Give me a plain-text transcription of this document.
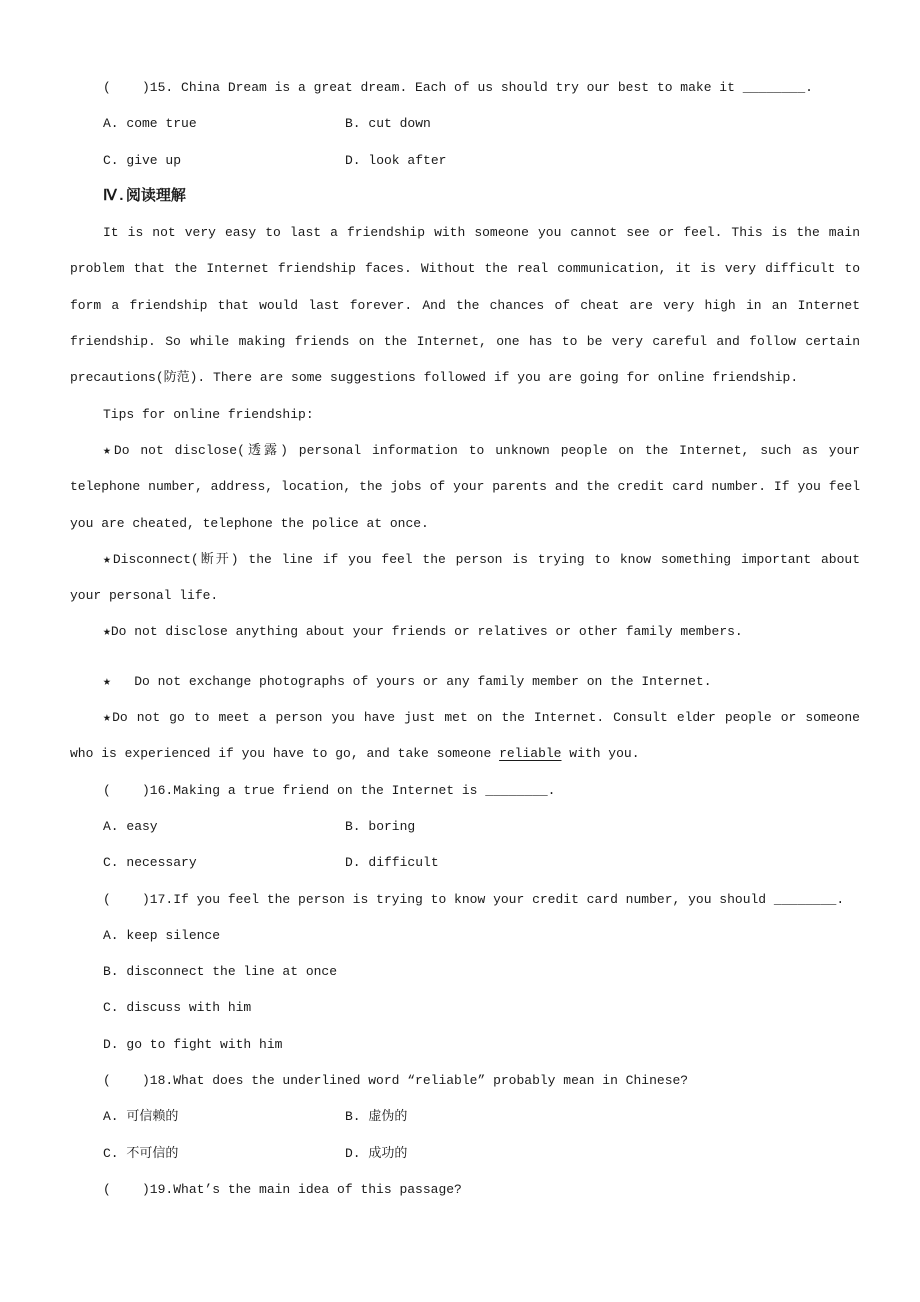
(    )15. China Dream is a great dream. Each of us should try our best to make it ________.
A. come true	B. cut down
C. give up	D. look after
Ⅳ.阅读理解
It is not very easy to last a friendship with someone you cannot see or feel. This is the main
problem that the Internet friendship faces. Without the real communication, it is very difficult to
form a friendship that would last forever. And the chances of cheat are very high in an Internet
friendship. So while making friends on the Internet, one has to be very careful and follow certain
precautions(防范). There are some suggestions followed if you are going for online friendship.
Tips for online friendship:
★Do not disclose(透露) personal information to unknown people on the Internet, such as your
telephone number, address, location, the jobs of your parents and the credit card number. If you feel
you are cheated, telephone the police at once.
★Disconnect(断开) the line if you feel the person is trying to know something important about
your personal life.
★Do not disclose anything about your friends or relatives or other family members.
★   Do not exchange photographs of yours or any family member on the Internet.
★Do not go to meet a person you have just met on the Internet. Consult elder people or someone
who is experienced if you have to go, and take someone reliable with you.
(    )16.Making a true friend on the Internet is ________.
A. easy	B. boring
C. necessary	D. difficult
(    )17.If you feel the person is trying to know your credit card number, you should ________.
A. keep silence
B. disconnect the line at once
C. discuss with him
D. go to fight with him
(    )18.What does the underlined word “reliable” probably mean in Chinese?
A. 可信赖的	B. 虚伪的
C. 不可信的	D. 成功的
(    )19.What’s the main idea of this passage?
